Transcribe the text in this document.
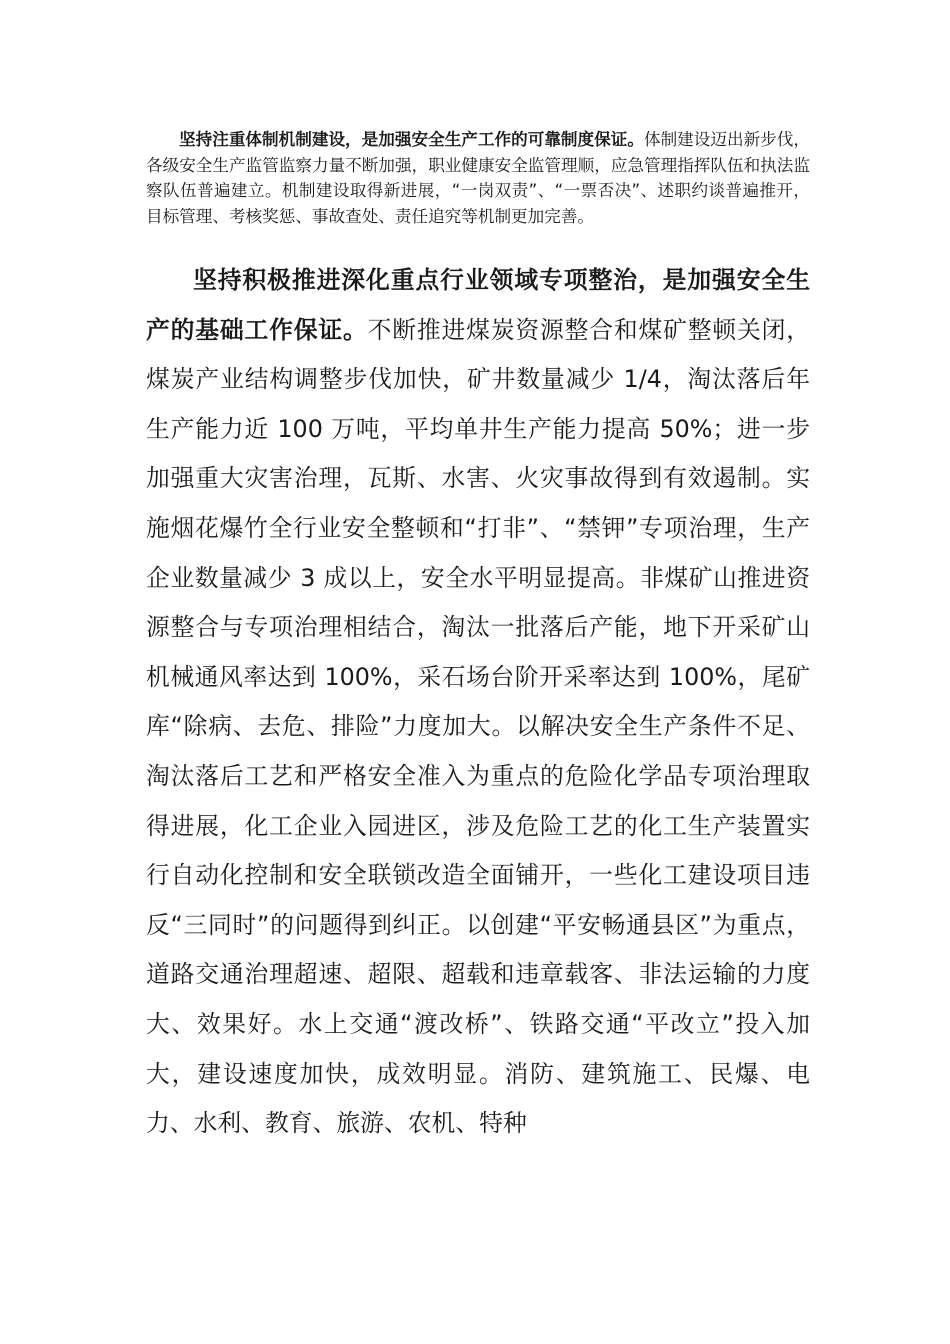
坚持注重体制机制建设，是加强安全生产工作的可靠制度保证。体制建设迈出新步伐，各级安全生产监管监察力量不断加强，职业健康安全监管理顺，应急管理指挥队伍和执法监察队伍普遍建立。机制建设取得新进展，“一岗双责”、“一票否决”、述职约谈普遍推开，目标管理、考核奖惩、事故查处、责任追究等机制更加完善。

坚持积极推进深化重点行业领域专项整治，是加强安全生产的基础工作保证。不断推进煤炭资源整合和煤矿整顿关闭，煤炭产业结构调整步伐加快，矿井数量减少 1/4，淘汰落后年生产能力近 100 万吨，平均单井生产能力提高 50%；进一步加强重大灾害治理，瓦斯、水害、火灾事故得到有效遏制。实施烟花爆竹全行业安全整顿和“打非”、“禁钾”专项治理，生产企业数量减少 3 成以上，安全水平明显提高。非煤矿山推进资源整合与专项治理相结合，淘汰一批落后产能，地下开采矿山机械通风率达到 100%，采石场台阶开采率达到 100%，尾矿库“除病、去危、排险”力度加大。以解决安全生产条件不足、淘汰落后工艺和严格安全准入为重点的危险化学品专项治理取得进展，化工企业入园进区，涉及危险工艺的化工生产装置实行自动化控制和安全联锁改造全面铺开，一些化工建设项目违反“三同时”的问题得到纠正。以创建“平安畅通县区”为重点，道路交通治理超速、超限、超载和违章载客、非法运输的力度大、效果好。水上交通“渡改桥”、铁路交通“平改立”投入加大，建设速度加快，成效明显。消防、建筑施工、民爆、电力、水利、教育、旅游、农机、特种
